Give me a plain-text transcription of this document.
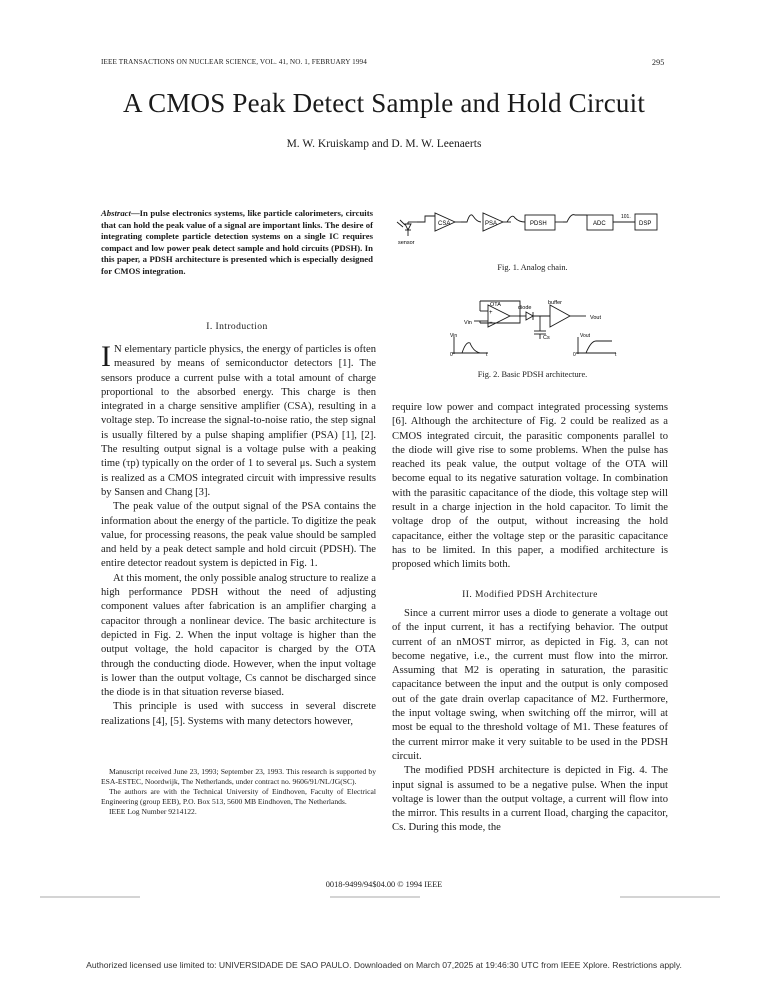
IEEE TRANSACTIONS ON NUCLEAR SCIENCE, VOL. 41, NO. 1, FEBRUARY 1994	295
A CMOS Peak Detect Sample and Hold Circuit
M. W. Kruiskamp and D. M. W. Leenaerts
Abstract—In pulse electronics systems, like particle calorimeters, circuits that can hold the peak value of a signal are important links. The desire of integrating complete particle detection systems on a single IC requires compact and low power peak detect sample and hold circuits (PDSH). In this paper, a PDSH architecture is presented which is especially designed for CMOS integration.
I. Introduction

I N elementary particle physics, the energy of particles is often measured by means of semiconductor detectors [1]. The sensors produce a current pulse with a total amount of charge proportional to the absorbed energy. This charge is then integrated in a charge sensitive amplifier (CSA), resulting in a voltage step. To increase the signal-to-noise ratio, the step signal is usually filtered by a pulse shaping amplifier (PSA) [1], [2]. The resulting output signal is a voltage pulse with a peaking time (τp) typically on the order of 1 to several μs. Such a system is realized as a CMOS integrated circuit with impressive results by Sansen and Chang [3].

The peak value of the output signal of the PSA contains the information about the energy of the particle. To digitize the peak value, for processing reasons, the peak value should be sampled and held by a peak detect sample and hold circuit (PDSH). The entire detector readout system is depicted in Fig. 1.

At this moment, the only possible analog structure to realize a high performance PDSH without the need of adjusting component values after fabrication is an amplifier charging a capacitor through a nonlinear device. The basic architecture is depicted in Fig. 2. When the input voltage is higher than the output voltage, the hold capacitor is charged by the OTA through the conducting diode. However, when the input voltage is lower than the output voltage, Cs cannot be discharged since the diode is in that situation reverse biased.

This principle is used with success in several discrete realizations [4], [5]. Systems with many detectors however,

Manuscript received June 23, 1993; September 23, 1993. This research is supported by ESA-ESTEC, Noordwijk, The Netherlands, under contract no. 9606/91/NL/JG(SC).

The authors are with the Technical University of Eindhoven, Faculty of Electrical Engineering (group EEB), P.O. Box 513, 5600 MB Eindhoven, The Netherlands.

IEEE Log Number 9214122.

sensor
CSA	PSA	PDSH	ADC	DSP
101.
Fig. 1. Analog chain.
OTA	diode
buffer
Vout
Vin
+
−
Cs
Vin	Vout
0	t	0	t
Fig. 2. Basic PDSH architecture.

require low power and compact integrated processing systems [6]. Although the architecture of Fig. 2 could be realized as a CMOS integrated circuit, the parasitic components parallel to the diode will give rise to some problems. When the pulse has reached its peak value, the output voltage of the OTA will become equal to its negative saturation voltage. In combination with the parasitic capacitance of the diode, this voltage step will result in a charge injection in the hold capacitor. To limit the voltage drop of the output, without increasing the hold capacitance, either the voltage step or the parasitic capacitance has to be limited. In this paper, a modified architecture is proposed which limits both.

II. Modified PDSH Architecture

Since a current mirror uses a diode to generate a voltage out of the input current, it has a rectifying behavior. The output current of an nMOST mirror, as depicted in Fig. 3, can not become negative, i.e., the current must flow into the mirror. Assuming that M2 is operating in saturation, the parasitic capacitance between the input and the output is only composed out of the gate drain overlap capacitance of M2. Furthermore, the input voltage swing, when switching off the mirror, will at most be equal to the threshold voltage of M1. These features of the current mirror make it very suitable to be used in the PDSH circuit.

The modified PDSH architecture is depicted in Fig. 4. The input signal is assumed to be a negative pulse. When the input voltage is lower than the output voltage, a current will flow into the mirror. This results in a current Iload, charging the capacitor, Cs. During this mode, the

0018-9499/94$04.00 © 1994 IEEE
Authorized licensed use limited to: UNIVERSIDADE DE SAO PAULO. Downloaded on March 07,2025 at 19:46:30 UTC from IEEE Xplore. Restrictions apply.
